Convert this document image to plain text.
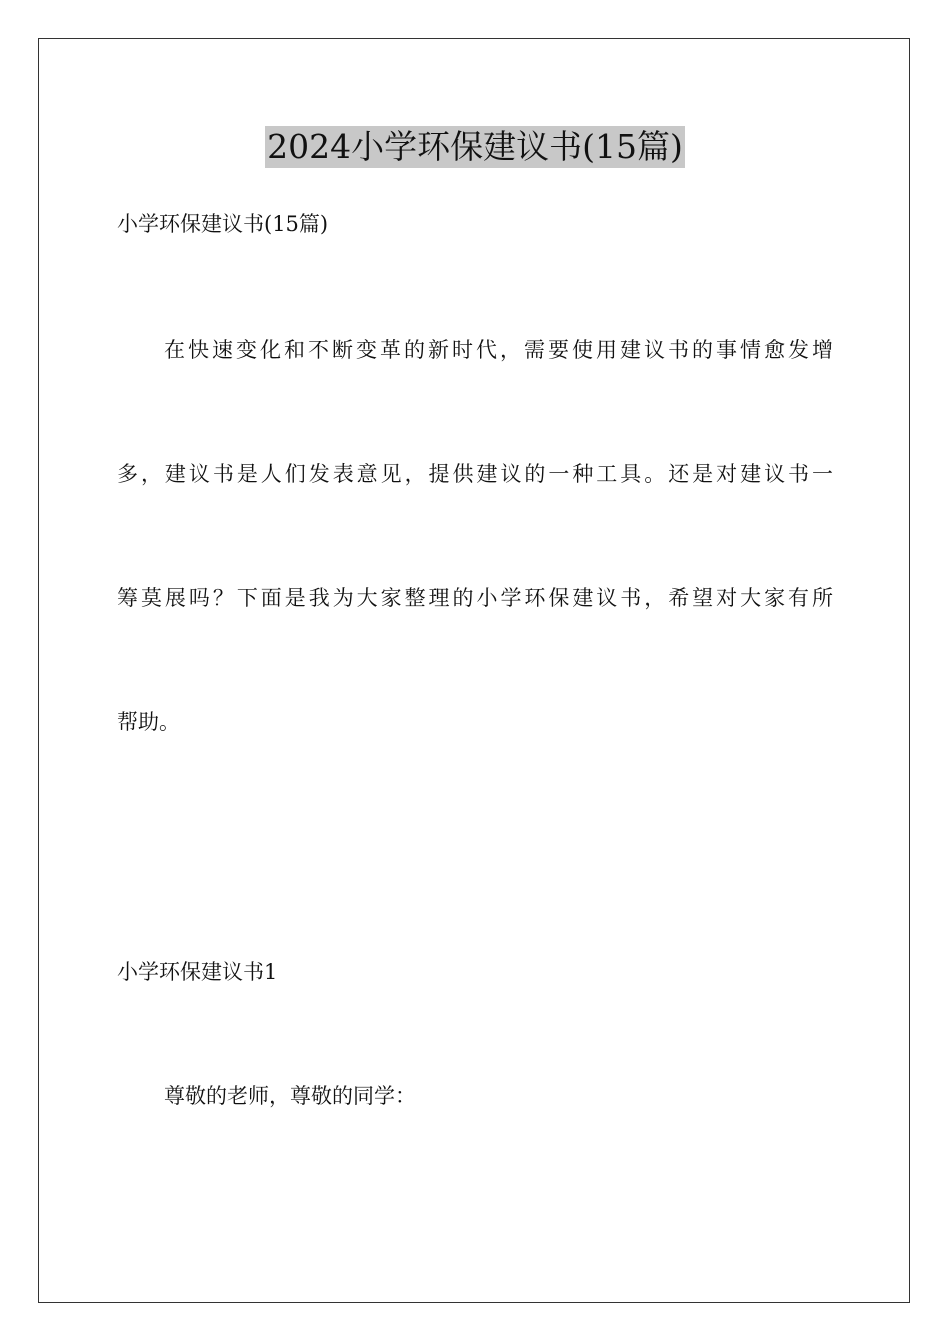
2024小学环保建议书(15篇)
小学环保建议书(15篇)
在快速变化和不断变革的新时代，需要使用建议书的事情愈发增
多，建议书是人们发表意见，提供建议的一种工具。还是对建议书一
筹莫展吗？下面是我为大家整理的小学环保建议书，希望对大家有所
帮助。
小学环保建议书1
尊敬的老师，尊敬的同学：
